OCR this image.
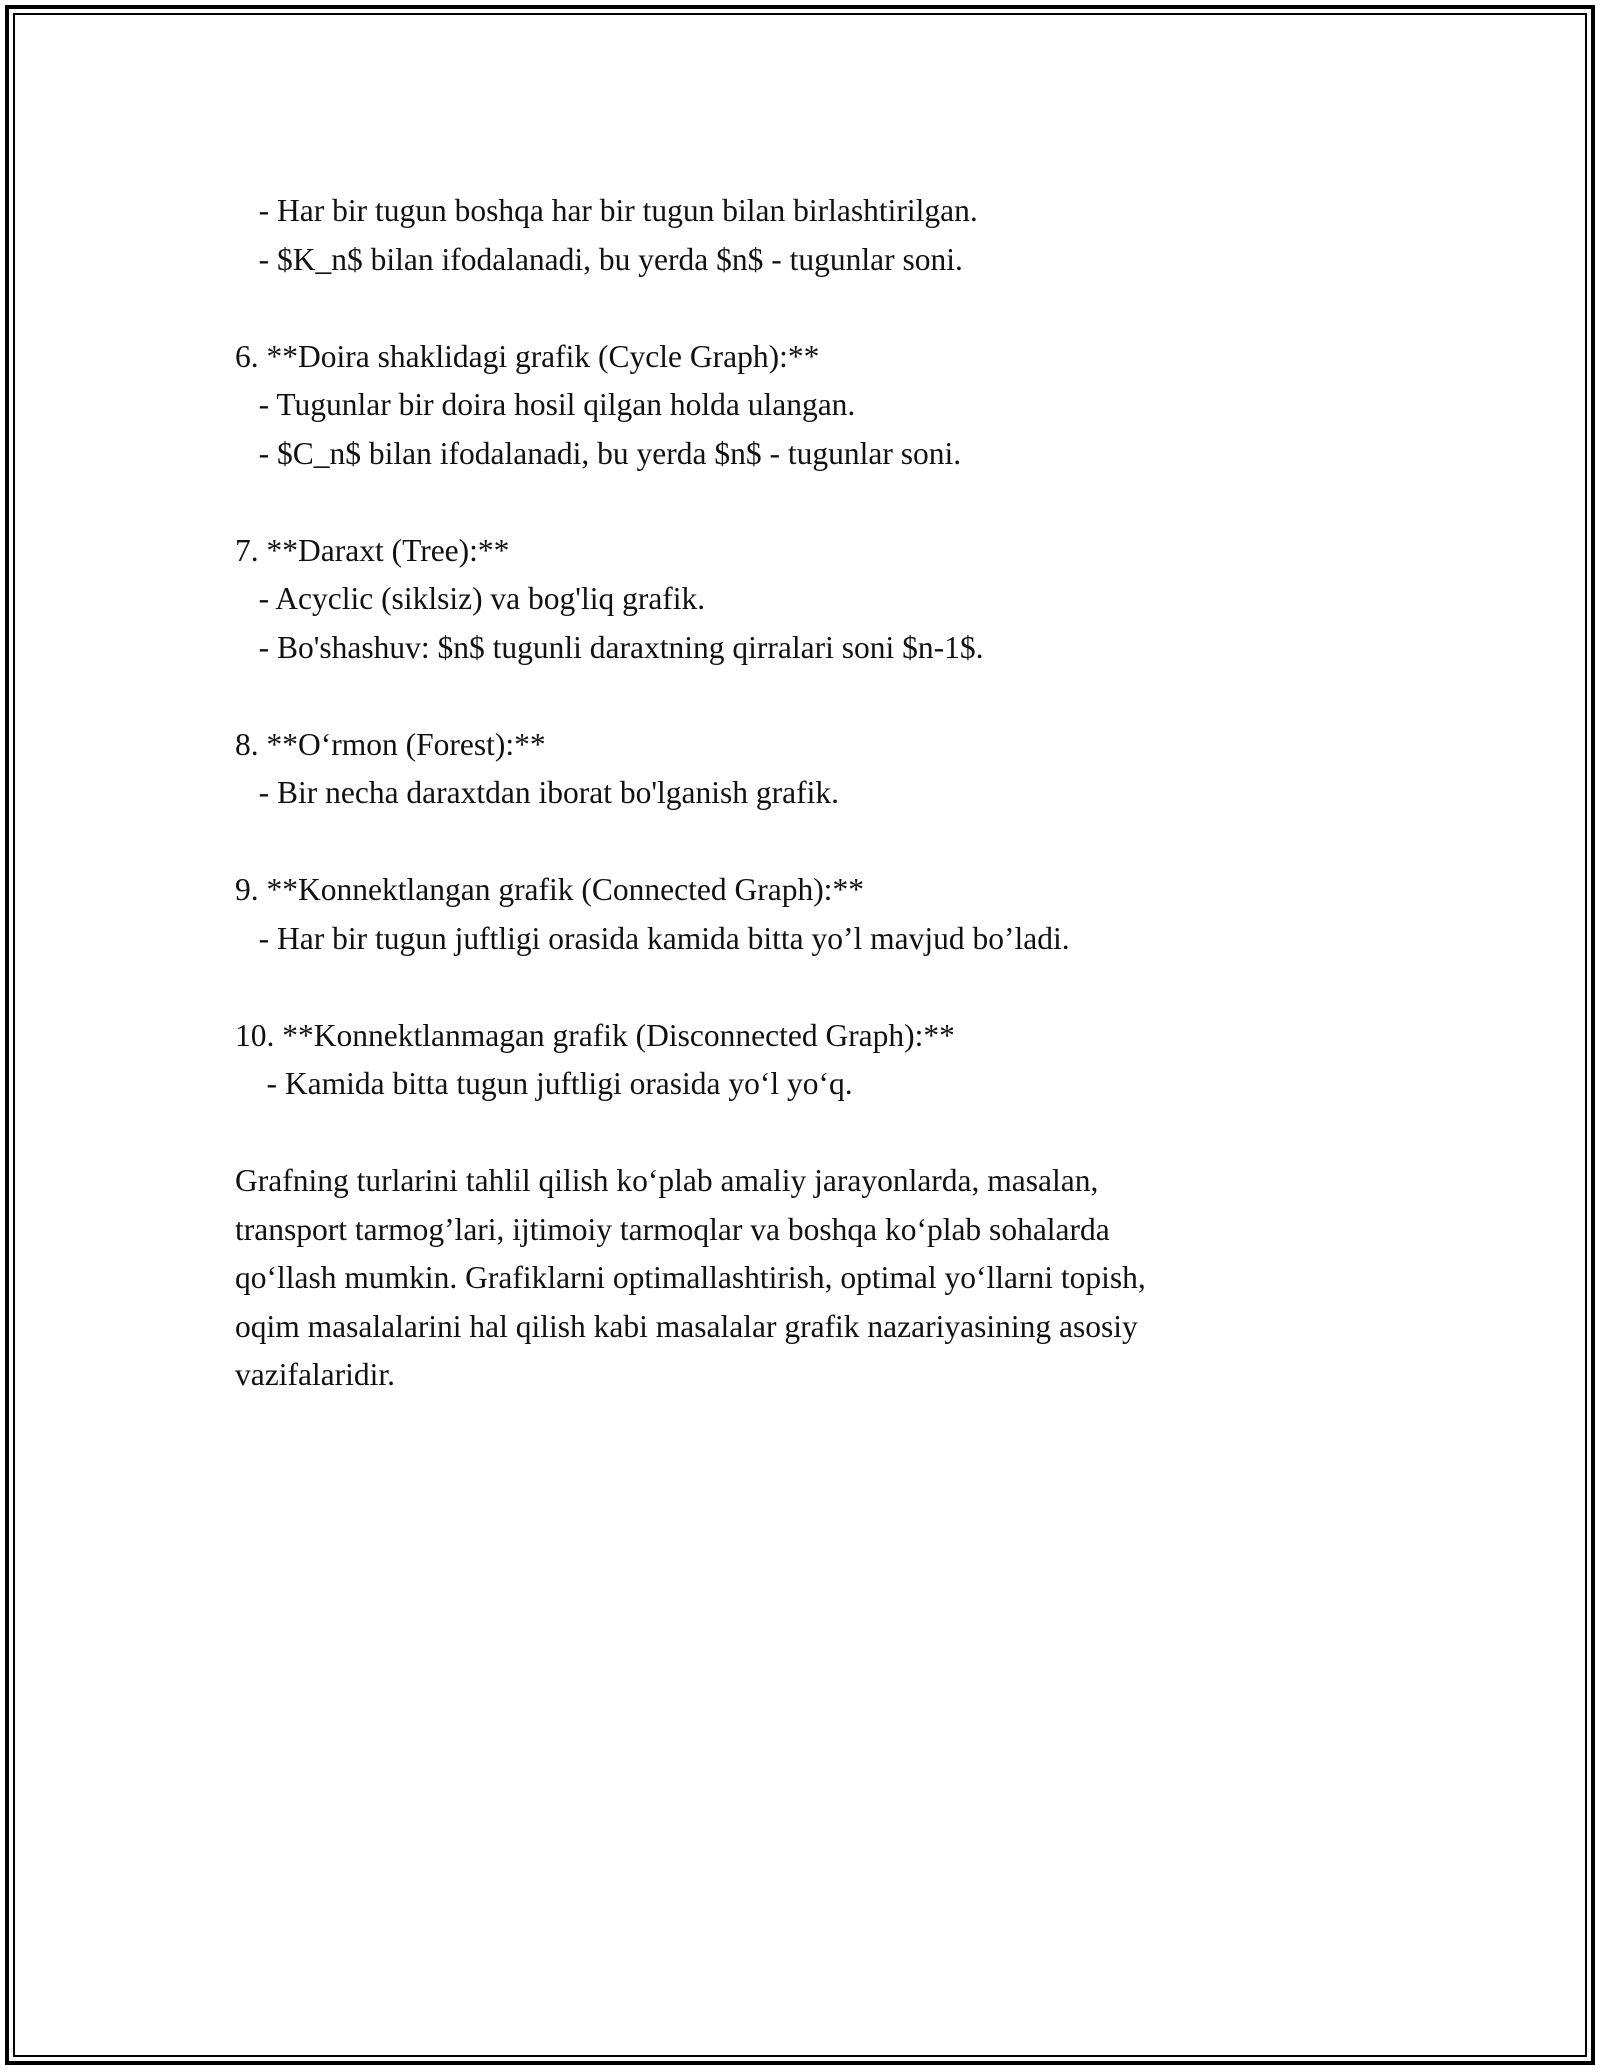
- Har bir tugun boshqa har bir tugun bilan birlashtirilgan.
- $K_n$ bilan ifodalanadi, bu yerda $n$ - tugunlar soni.
6. **Doira shaklidagi grafik (Cycle Graph):**
- Tugunlar bir doira hosil qilgan holda ulangan.
- $C_n$ bilan ifodalanadi, bu yerda $n$ - tugunlar soni.
7. **Daraxt (Tree):**
- Acyclic (siklsiz) va bog'liq grafik.
- Bo'shashuv: $n$ tugunli daraxtning qirralari soni $n-1$.
8. **O‘rmon (Forest):**
- Bir necha daraxtdan iborat bo'lganish grafik.
9. **Konnektlangan grafik (Connected Graph):**
- Har bir tugun juftligi orasida kamida bitta yo’l mavjud bo’ladi.
10. **Konnektlanmagan grafik (Disconnected Graph):**
- Kamida bitta tugun juftligi orasida yo‘l yo‘q.
Grafning turlarini tahlil qilish ko‘plab amaliy jarayonlarda, masalan,
transport tarmog’lari, ijtimoiy tarmoqlar va boshqa ko‘plab sohalarda
qo‘llash mumkin. Grafiklarni optimallashtirish, optimal yo‘llarni topish,
oqim masalalarini hal qilish kabi masalalar grafik nazariyasining asosiy
vazifalaridir.
